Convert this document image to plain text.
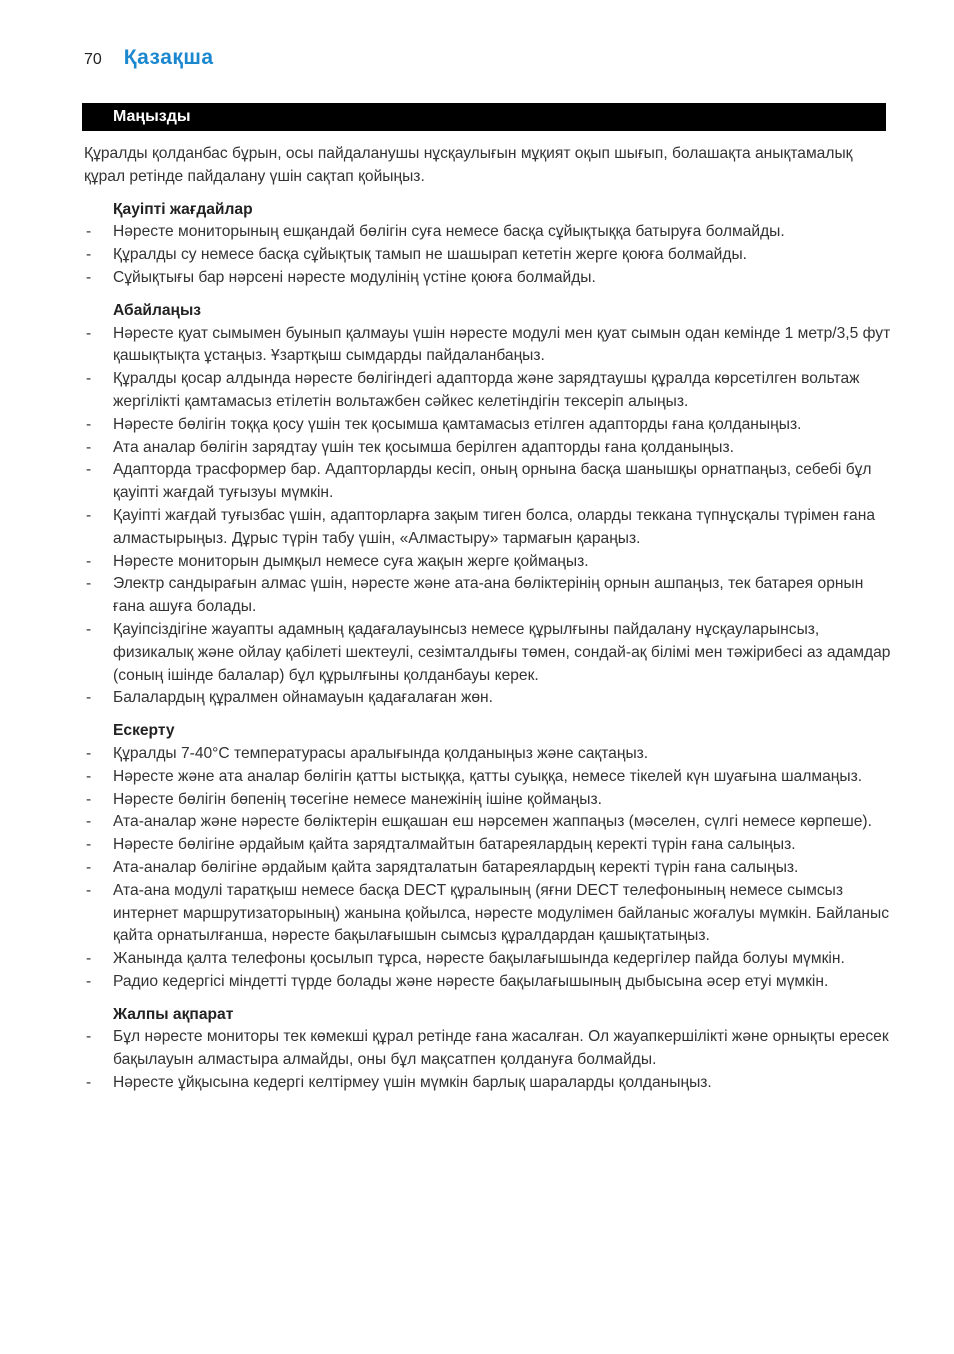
70 Қазақша
Маңызды

Құралды қолданбас бұрын, осы пайдаланушы нұсқаулығын мұқият оқып шығып, болашақта анықтамалық құрал ретінде пайдалану үшін сақтап қойыңыз.

Қауіпті жағдайлар

- Нәресте мониторының ешқандай бөлігін суға немесе басқа сұйықтыққа батыруға болмайды.
- Құралды су немесе басқа сұйықтық тамып не шашырап кететін жерге қоюға болмайды.
- Сұйықтығы бар нәрсені нәресте модулінің үстіне қоюға болмайды.

Абайлаңыз

- Нәресте қуат сымымен буынып қалмауы үшін нәресте модулі мен қуат сымын одан кемінде 1 метр/3,5 фут қашықтықта ұстаңыз. Ұзартқыш сымдарды пайдаланбаңыз.
- Құралды қосар алдында нәресте бөлігіндегі адапторда және зарядтаушы құралда көрсетілген вольтаж жергілікті қамтамасыз етілетін вольтажбен сәйкес келетіндігін тексеріп алыңыз.
- Нәресте бөлігін тоққа қосу үшін тек қосымша қамтамасыз етілген адапторды ғана қолданыңыз.
- Ата аналар бөлігін зарядтау үшін тек қосымша берілген адапторды ғана қолданыңыз.
- Адапторда трасформер бар. Адапторларды кесіп, оның орнына басқа шанышқы орнатпаңыз, себебі бұл қауіпті жағдай туғызуы мүмкін.
- Қауіпті жағдай туғызбас үшін, адапторларға зақым тиген болса, оларды теккана түпнұсқалы түрімен ғана алмастырыңыз. Дұрыс түрін табу үшін, «Алмастыру» тармағын қараңыз.
- Нәресте мониторын дымқыл немесе суға жақын жерге қоймаңыз.
- Электр сандырағын алмас үшін, нәресте және ата-ана бөліктерінің орнын ашпаңыз, тек батарея орнын ғана ашуға болады.
- Қауіпсіздігіне жауапты адамның қадағалауынсыз немесе құрылғыны пайдалану нұсқауларынсыз, физикалық және ойлау қабілеті шектеулі, сезімталдығы төмен, сондай-ақ білімі мен тәжірибесі аз адамдар (соның ішінде балалар) бұл құрылғыны қолданбауы керек.
- Балалардың құралмен ойнамауын қадағалаған жөн.

Ескерту

- Құралды 7-40°C температурасы аралығында қолданыңыз және сақтаңыз.
- Нәресте және ата аналар бөлігін қатты ыстыққа, қатты суыққа, немесе тікелей күн шуағына шалмаңыз.
- Нәресте бөлігін бөпенің төсегіне немесе манежінің ішіне қоймаңыз.
- Ата-аналар және нәресте бөліктерін ешқашан еш нәрсемен жаппаңыз (мәселен, сүлгі немесе көрпеше).
- Нәресте бөлігіне әрдайым қайта зарядталмайтын батареялардың керекті түрін ғана салыңыз.
- Ата-аналар бөлігіне әрдайым қайта зарядталатын батареялардың керекті түрін ғана салыңыз.
- Ата-ана модулі таратқыш немесе басқа DECT құралының (яғни DECT телефонының немесе сымсыз интернет маршрутизаторының) жанына қойылса, нәресте модулімен байланыс жоғалуы мүмкін. Байланыс қайта орнатылғанша, нәресте бақылағышын сымсыз құралдардан қашықтатыңыз.
- Жанында қалта телефоны қосылып тұрса, нәресте бақылағышында кедергілер пайда болуы мүмкін.
- Радио кедергісі міндетті түрде болады және нәресте бақылағышының дыбысына әсер етуі мүмкін.

Жалпы ақпарат

- Бұл нәресте мониторы тек көмекші құрал ретінде ғана жасалған. Ол жауапкершілікті және орнықты ересек бақылауын алмастыра алмайды, оны бұл мақсатпен қолдануға болмайды.
- Нәресте ұйқысына кедергі келтірмеу үшін мүмкін барлық шараларды қолданыңыз.
